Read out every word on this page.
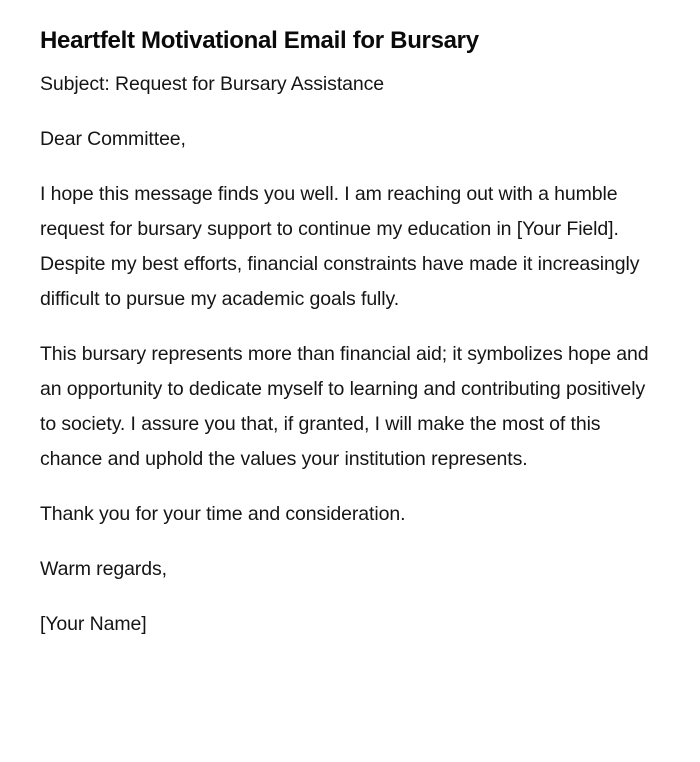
Heartfelt Motivational Email for Bursary

Subject: Request for Bursary Assistance

Dear Committee,

I hope this message finds you well. I am reaching out with a humble request for bursary support to continue my education in [Your Field]. Despite my best efforts, financial constraints have made it increasingly difficult to pursue my academic goals fully.

This bursary represents more than financial aid; it symbolizes hope and an opportunity to dedicate myself to learning and contributing positively to society. I assure you that, if granted, I will make the most of this chance and uphold the values your institution represents.

Thank you for your time and consideration.

Warm regards,

[Your Name]
